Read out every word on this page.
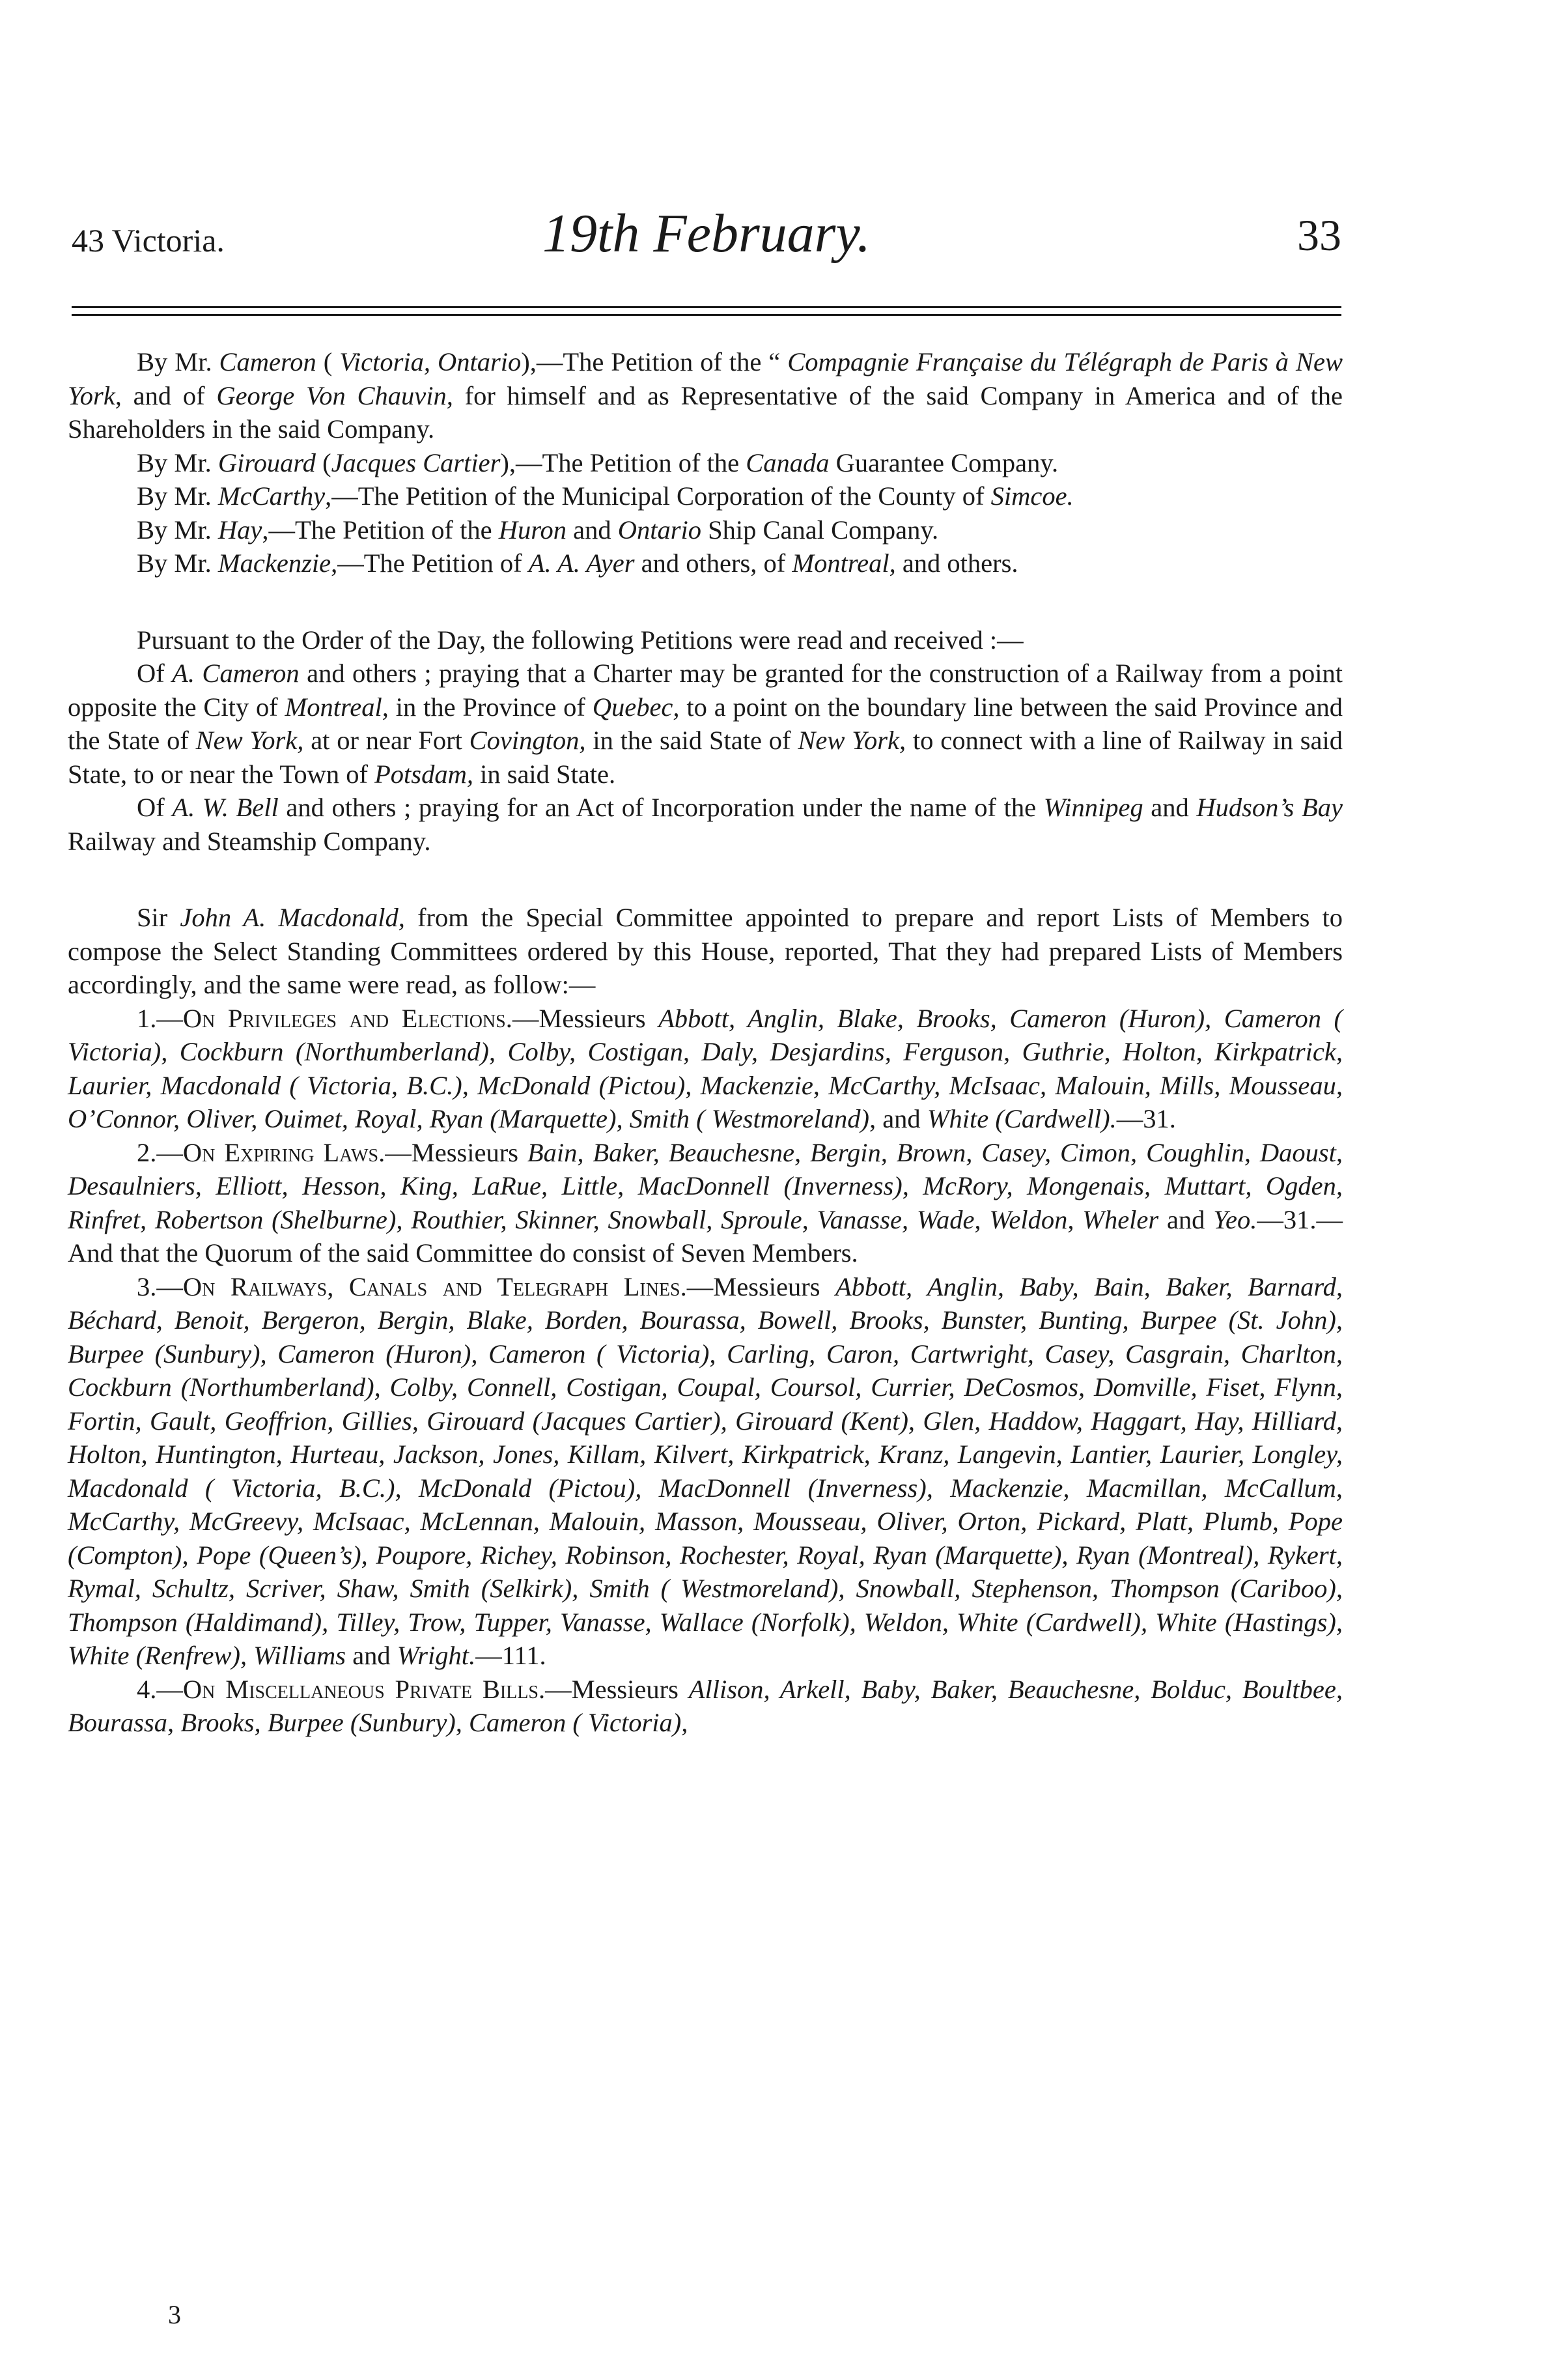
43 Victoria.	19th February.	33

By Mr. Cameron ( Victoria, Ontario),—The Petition of the “ Compagnie Française du Télégraph de Paris à New York, and of George Von Chauvin, for himself and as Representative of the said Company in America and of the Shareholders in the said Company.

By Mr. Girouard (Jacques Cartier),—The Petition of the Canada Guarantee Company.

By Mr. McCarthy,—The Petition of the Municipal Corporation of the County of Simcoe.

By Mr. Hay,—The Petition of the Huron and Ontario Ship Canal Company.

By Mr. Mackenzie,—The Petition of A. A. Ayer and others, of Montreal, and others.

Pursuant to the Order of the Day, the following Petitions were read and received :—

Of A. Cameron and others ; praying that a Charter may be granted for the construction of a Railway from a point opposite the City of Montreal, in the Province of Quebec, to a point on the boundary line between the said Province and the State of New York, at or near Fort Covington, in the said State of New York, to connect with a line of Railway in said State, to or near the Town of Potsdam, in said State.

Of A. W. Bell and others ; praying for an Act of Incorporation under the name of the Winnipeg and Hudson’s Bay Railway and Steamship Company.

Sir John A. Macdonald, from the Special Committee appointed to prepare and report Lists of Members to compose the Select Standing Committees ordered by this House, reported, That they had prepared Lists of Members accordingly, and the same were read, as follow:—

1.—On Privileges and Elections.—Messieurs Abbott, Anglin, Blake, Brooks, Cameron (Huron), Cameron ( Victoria), Cockburn (Northumberland), Colby, Costigan, Daly, Desjardins, Ferguson, Guthrie, Holton, Kirkpatrick, Laurier, Macdonald ( Victoria, B.C.), McDonald (Pictou), Mackenzie, McCarthy, McIsaac, Malouin, Mills, Mousseau, O’Connor, Oliver, Ouimet, Royal, Ryan (Marquette), Smith ( Westmoreland), and White (Cardwell).—31.

2.—On Expiring Laws.—Messieurs Bain, Baker, Beauchesne, Bergin, Brown, Casey, Cimon, Coughlin, Daoust, Desaulniers, Elliott, Hesson, King, LaRue, Little, MacDonnell (Inverness), McRory, Mongenais, Muttart, Ogden, Rinfret, Robertson (Shelburne), Routhier, Skinner, Snowball, Sproule, Vanasse, Wade, Weldon, Wheler and Yeo.—31.—And that the Quorum of the said Committee do consist of Seven Members.

3.—On Railways, Canals and Telegraph Lines.—Messieurs Abbott, Anglin, Baby, Bain, Baker, Barnard, Béchard, Benoit, Bergeron, Bergin, Blake, Borden, Bourassa, Bowell, Brooks, Bunster, Bunting, Burpee (St. John), Burpee (Sunbury), Cameron (Huron), Cameron ( Victoria), Carling, Caron, Cartwright, Casey, Casgrain, Charlton, Cockburn (Northumberland), Colby, Connell, Costigan, Coupal, Coursol, Currier, DeCosmos, Domville, Fiset, Flynn, Fortin, Gault, Geoffrion, Gillies, Girouard (Jacques Cartier), Girouard (Kent), Glen, Haddow, Haggart, Hay, Hilliard, Holton, Huntington, Hurteau, Jackson, Jones, Killam, Kilvert, Kirkpatrick, Kranz, Langevin, Lantier, Laurier, Longley, Macdonald ( Victoria, B.C.), McDonald (Pictou), MacDonnell (Inverness), Mackenzie, Macmillan, McCallum, McCarthy, McGreevy, McIsaac, McLennan, Malouin, Masson, Mousseau, Oliver, Orton, Pickard, Platt, Plumb, Pope (Compton), Pope (Queen’s), Poupore, Richey, Robinson, Rochester, Royal, Ryan (Marquette), Ryan (Montreal), Rykert, Rymal, Schultz, Scriver, Shaw, Smith (Selkirk), Smith ( Westmoreland), Snowball, Stephenson, Thompson (Cariboo), Thompson (Haldimand), Tilley, Trow, Tupper, Vanasse, Wallace (Norfolk), Weldon, White (Cardwell), White (Hastings), White (Renfrew), Williams and Wright.—111.

4.—On Miscellaneous Private Bills.—Messieurs Allison, Arkell, Baby, Baker, Beauchesne, Bolduc, Boultbee, Bourassa, Brooks, Burpee (Sunbury), Cameron ( Victoria),

3
